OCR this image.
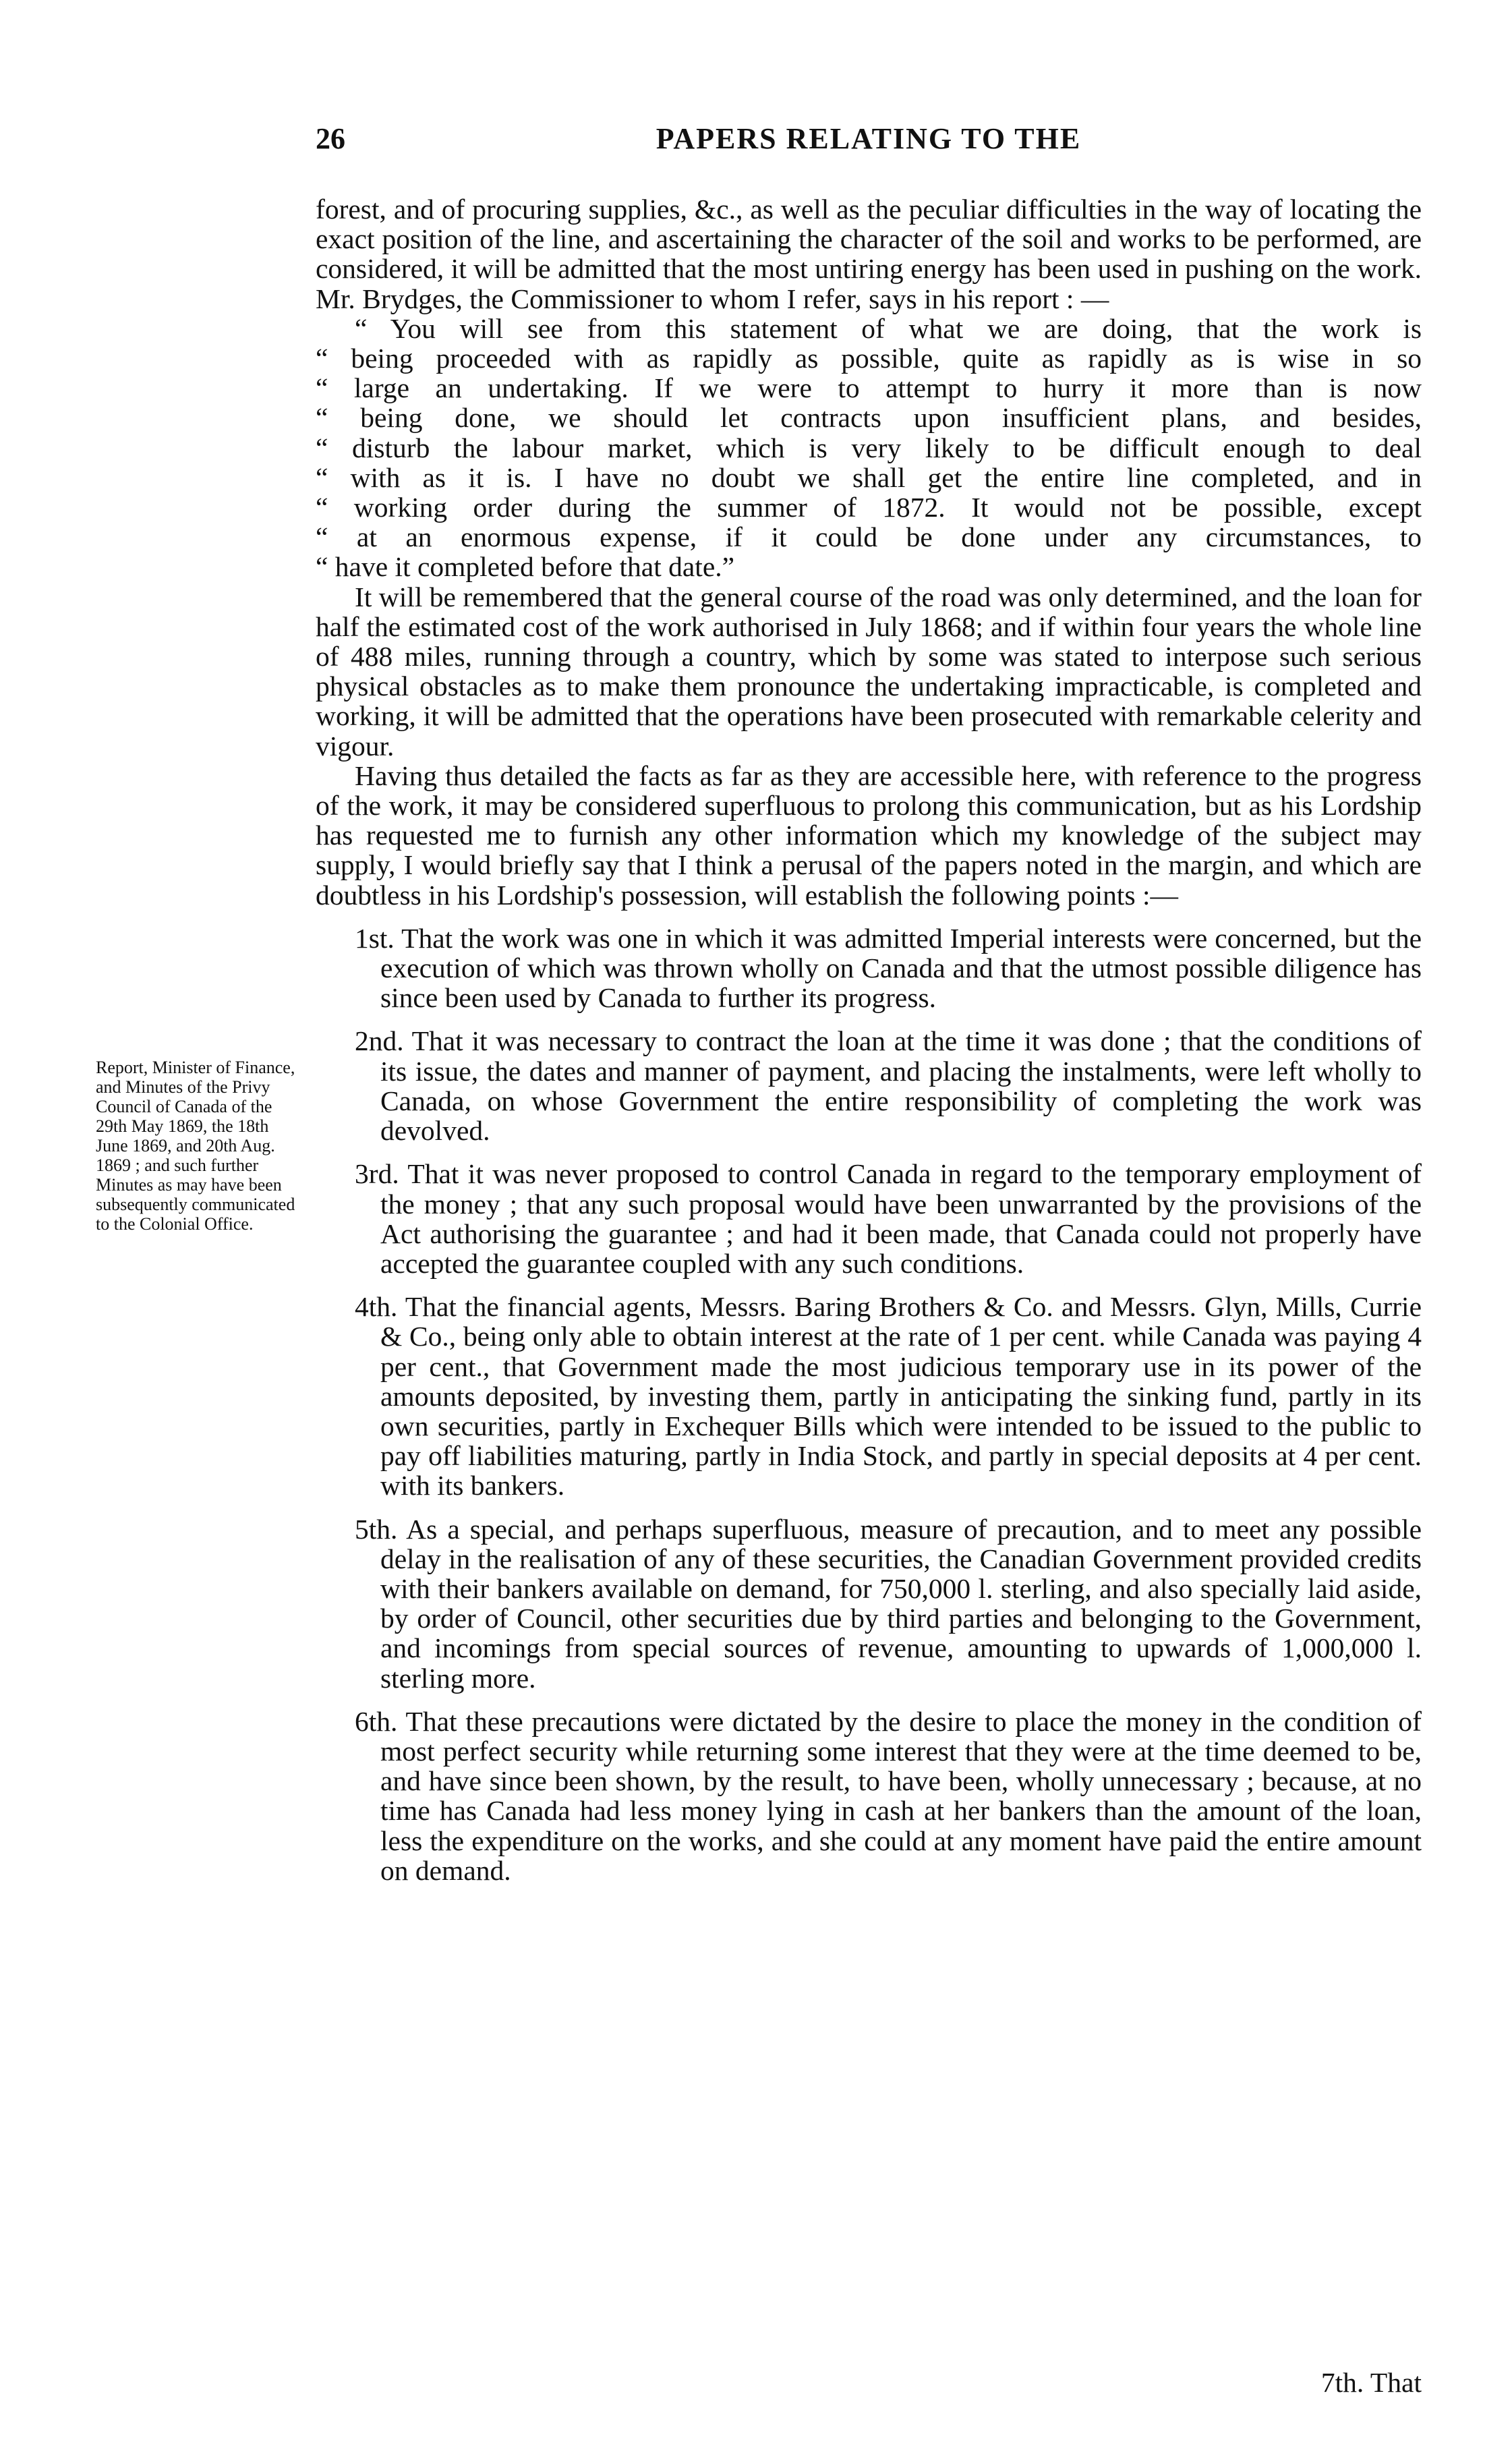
26	PAPERS RELATING TO THE
Report, Minister of Finance, and Minutes of the Privy Council of Canada of the 29th May 1869, the 18th June 1869, and 20th Aug. 1869 ; and such further Minutes as may have been subsequently communicated to the Colonial Office.

forest, and of procuring supplies, &c., as well as the peculiar difficulties in the way of locating the exact position of the line, and ascertaining the character of the soil and works to be performed, are considered, it will be admitted that the most untiring energy has been used in pushing on the work. Mr. Brydges, the Commissioner to whom I refer, says in his report : —

“ You will see from this statement of what we are doing, that the work is
“ being proceeded with as rapidly as possible, quite as rapidly as is wise in so
“ large an undertaking. If we were to attempt to hurry it more than is now
“ being done, we should let contracts upon insufficient plans, and besides,
“ disturb the labour market, which is very likely to be difficult enough to deal
“ with as it is. I have no doubt we shall get the entire line completed, and in
“ working order during the summer of 1872. It would not be possible, except
“ at an enormous expense, if it could be done under any circumstances, to
“ have it completed before that date.”

It will be remembered that the general course of the road was only determined, and the loan for half the estimated cost of the work authorised in July 1868; and if within four years the whole line of 488 miles, running through a country, which by some was stated to interpose such serious physical obstacles as to make them pronounce the undertaking impracticable, is completed and working, it will be admitted that the operations have been prosecuted with remarkable celerity and vigour.

Having thus detailed the facts as far as they are accessible here, with reference to the progress of the work, it may be considered superfluous to prolong this communication, but as his Lordship has requested me to furnish any other information which my knowledge of the subject may supply, I would briefly say that I think a perusal of the papers noted in the margin, and which are doubtless in his Lordship's possession, will establish the following points :—

1st. That the work was one in which it was admitted Imperial interests were concerned, but the execution of which was thrown wholly on Canada and that the utmost possible diligence has since been used by Canada to further its progress.

2nd. That it was necessary to contract the loan at the time it was done ; that the conditions of its issue, the dates and manner of payment, and placing the instalments, were left wholly to Canada, on whose Government the entire responsibility of completing the work was devolved.

3rd. That it was never proposed to control Canada in regard to the temporary employment of the money ; that any such proposal would have been unwarranted by the provisions of the Act authorising the guarantee ; and had it been made, that Canada could not properly have accepted the guarantee coupled with any such conditions.

4th. That the financial agents, Messrs. Baring Brothers & Co. and Messrs. Glyn, Mills, Currie & Co., being only able to obtain interest at the rate of 1 per cent. while Canada was paying 4 per cent., that Government made the most judicious temporary use in its power of the amounts deposited, by investing them, partly in anticipating the sinking fund, partly in its own securities, partly in Exchequer Bills which were intended to be issued to the public to pay off liabilities maturing, partly in India Stock, and partly in special deposits at 4 per cent. with its bankers.

5th. As a special, and perhaps superfluous, measure of precaution, and to meet any possible delay in the realisation of any of these securities, the Canadian Government provided credits with their bankers available on demand, for 750,000 l. sterling, and also specially laid aside, by order of Council, other securities due by third parties and belonging to the Government, and incomings from special sources of revenue, amounting to upwards of 1,000,000 l. sterling more.

6th. That these precautions were dictated by the desire to place the money in the condition of most perfect security while returning some interest that they were at the time deemed to be, and have since been shown, by the result, to have been, wholly unnecessary ; because, at no time has Canada had less money lying in cash at her bankers than the amount of the loan, less the expenditure on the works, and she could at any moment have paid the entire amount on demand.

7th. That
